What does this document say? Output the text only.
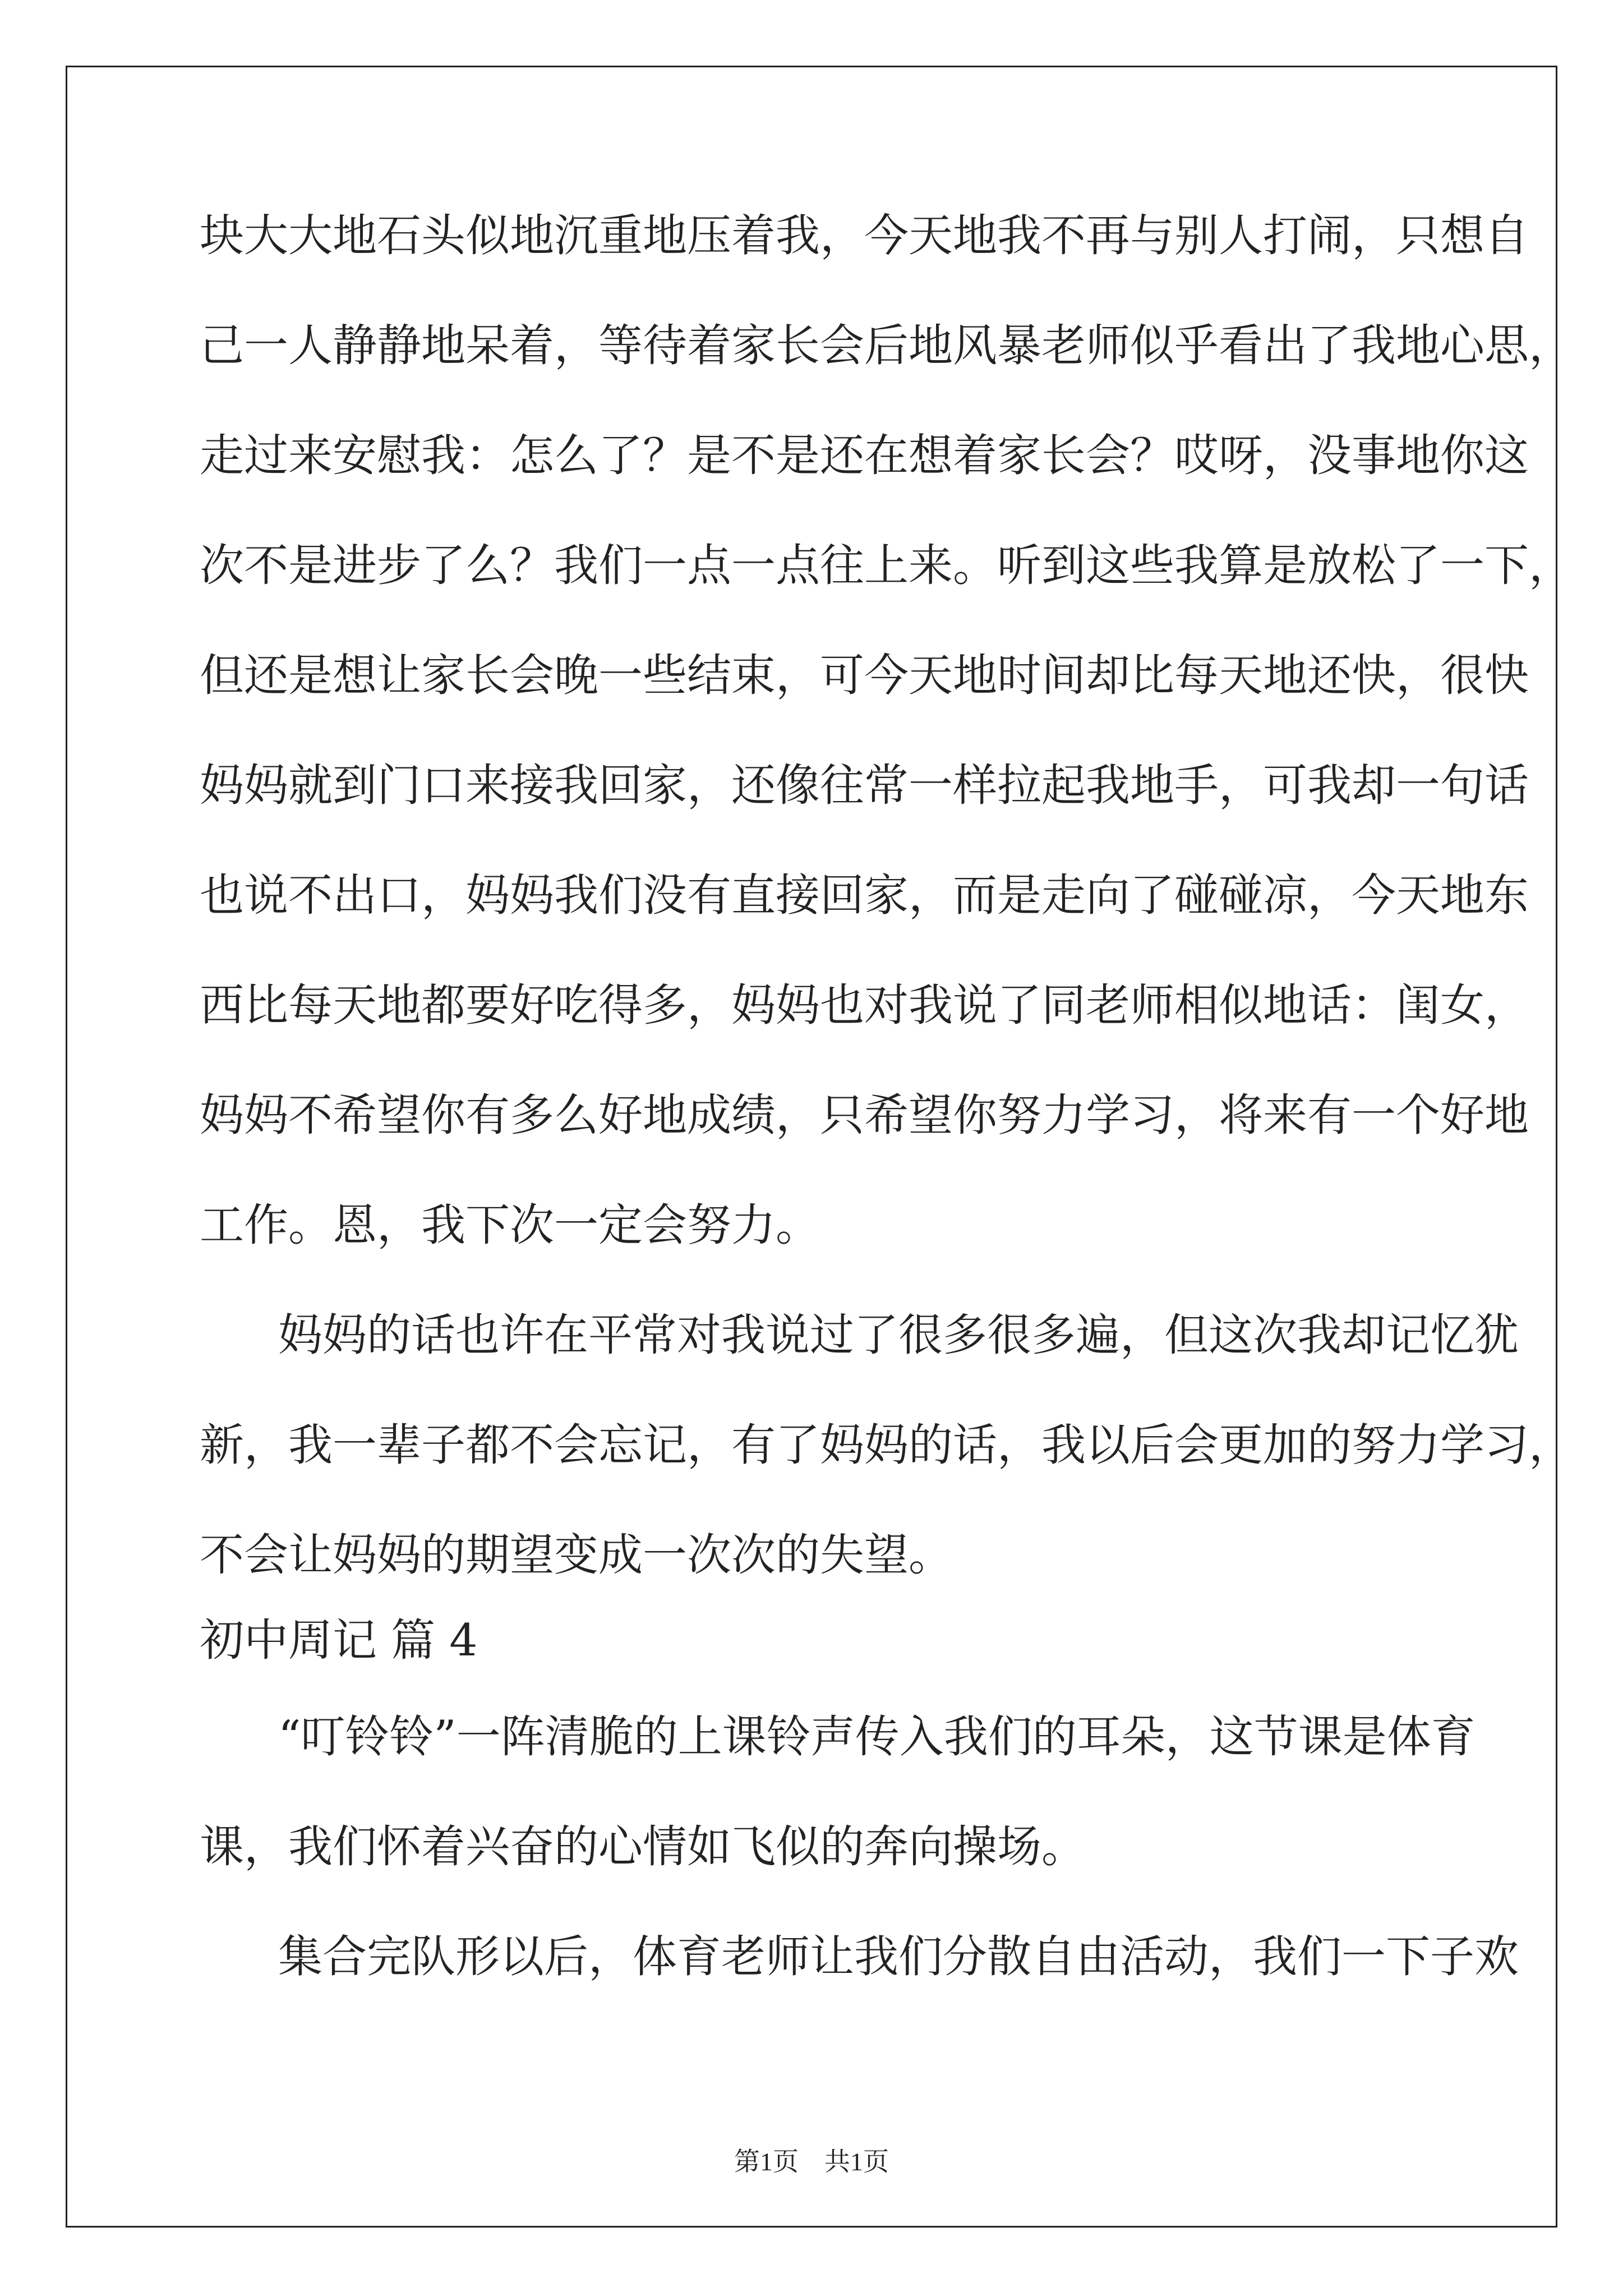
块大大地石头似地沉重地压着我，今天地我不再与别人打闹，只想自
己一人静静地呆着，等待着家长会后地风暴老师似乎看出了我地心思，
走过来安慰我：怎么了？是不是还在想着家长会？哎呀，没事地你这
次不是进步了么？我们一点一点往上来。听到这些我算是放松了一下，
但还是想让家长会晚一些结束，可今天地时间却比每天地还快，很快
妈妈就到门口来接我回家，还像往常一样拉起我地手，可我却一句话
也说不出口，妈妈我们没有直接回家，而是走向了碰碰凉，今天地东
西比每天地都要好吃得多，妈妈也对我说了同老师相似地话：闺女，
妈妈不希望你有多么好地成绩，只希望你努力学习，将来有一个好地
工作。恩，我下次一定会努力。
妈妈的话也许在平常对我说过了很多很多遍，但这次我却记忆犹
新，我一辈子都不会忘记，有了妈妈的话，我以后会更加的努力学习，
不会让妈妈的期望变成一次次的失望。
初中周记 篇 4
“叮铃铃”一阵清脆的上课铃声传入我们的耳朵，这节课是体育
课，我们怀着兴奋的心情如飞似的奔向操场。
集合完队形以后，体育老师让我们分散自由活动，我们一下子欢
第1页　共1页
